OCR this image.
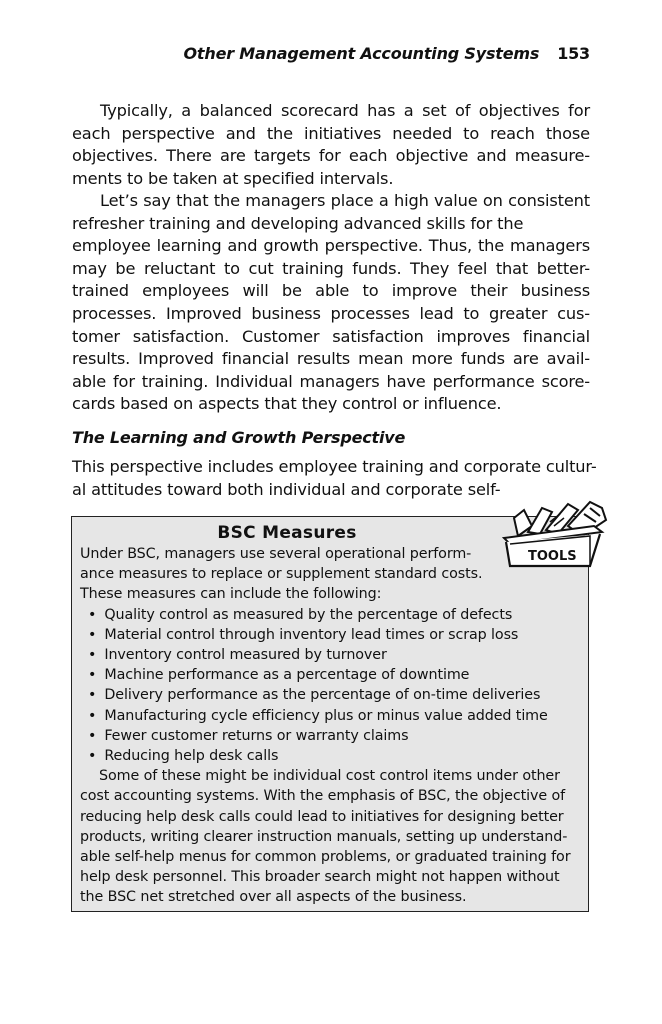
Other Management Accounting Systems 153
Typically, a balanced scorecard has a set of objectives for
each perspective and the initiatives needed to reach those
objectives. There are targets for each objective and measure-
ments to be taken at specified intervals.
Let’s say that the managers place a high value on consistent
refresher training and developing advanced skills for the
employee learning and growth perspective. Thus, the managers
may be reluctant to cut training funds. They feel that better-
trained employees will be able to improve their business
processes. Improved business processes lead to greater cus-
tomer satisfaction. Customer satisfaction improves financial
results. Improved financial results mean more funds are avail-
able for training. Individual managers have performance score-
cards based on aspects that they control or influence.
The Learning and Growth Perspective
This perspective includes employee training and corporate cultur-
al attitudes toward both individual and corporate self-
BSC Measures
Under BSC, managers use several operational perform-
ance measures to replace or supplement standard costs.
These measures can include the following:
• Quality control as measured by the percentage of defects
• Material control through inventory lead times or scrap loss
• Inventory control measured by turnover
• Machine performance as a percentage of downtime
• Delivery performance as the percentage of on-time deliveries
• Manufacturing cycle efficiency plus or minus value added time
• Fewer customer returns or warranty claims
• Reducing help desk calls
Some of these might be individual cost control items under other
cost accounting systems. With the emphasis of BSC, the objective of
reducing help desk calls could lead to initiatives for designing better
products, writing clearer instruction manuals, setting up understand-
able self-help menus for common problems, or graduated training for
help desk personnel. This broader search might not happen without
the BSC net stretched over all aspects of the business.
TOOLS
